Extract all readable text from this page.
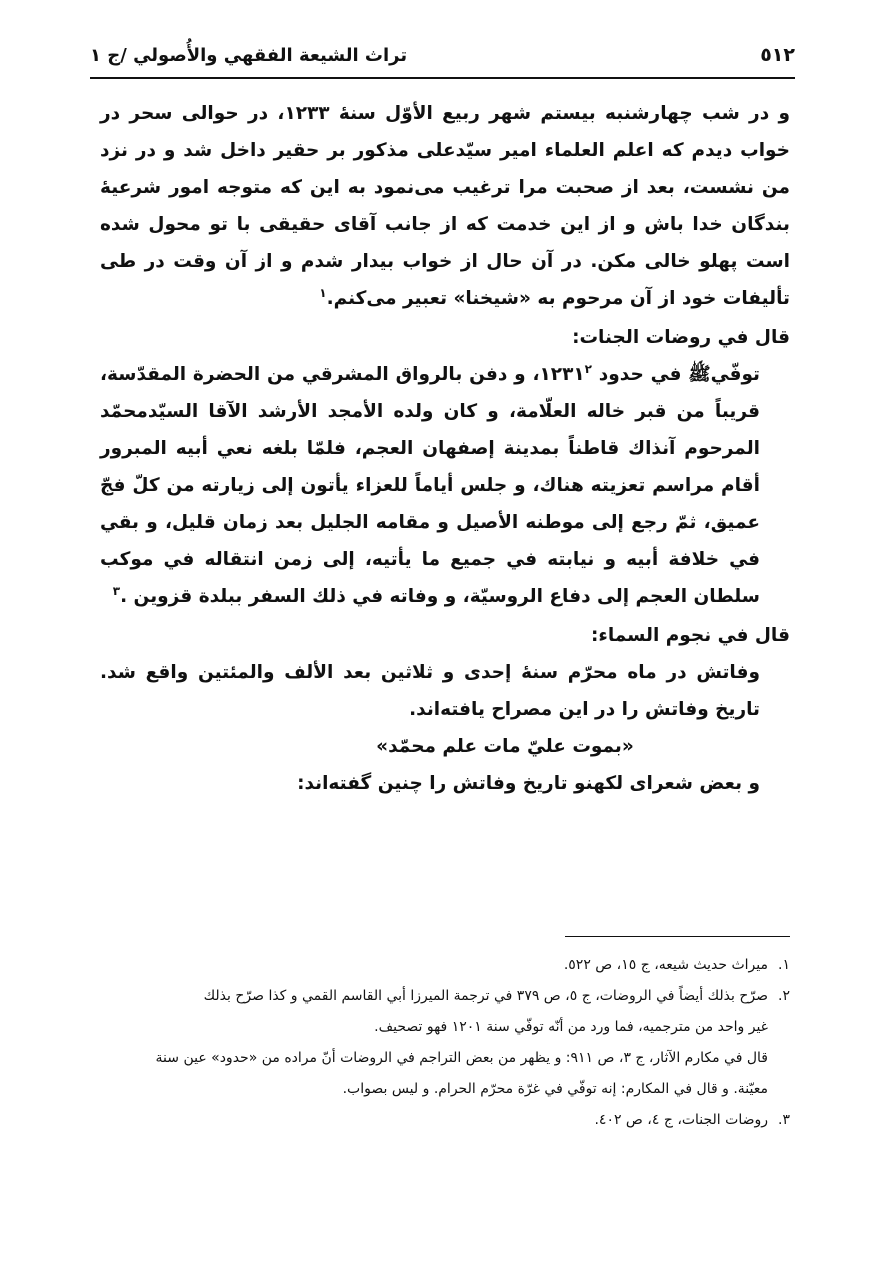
٥١٢
تراث الشيعة الفقهي والأُصولي /ج ١

و در شب چهارشنبه بیستم شهر ربیع الأوّل سنهٔ ۱۲۳۳، در حوالی سحر در خواب دیدم که اعلم العلماء امیر سیّدعلی مذکور بر حقیر داخل شد و در نزد من نشست، بعد از صحبت مرا ترغیب می‌نمود به این که متوجه امور شرعیهٔ بندگان خدا باش و از این خدمت که از جانب آقای حقیقی با تو محول شده است پهلو خالی مکن. در آن حال از خواب بیدار شدم و از آن وقت در طی تألیفات خود از آن مرحوم به «شیخنا» تعبیر می‌کنم.$^١$

قال في روضات الجنات:

توفّيﷺ في حدود ١٢٣١$^٢$، و دفن بالرواق المشرقي من الحضرة المقدّسة، قريباً من قبر خاله العلّامة، و كان ولده الأمجد الأرشد الآقا السيّدمحمّد المرحوم آنذاك قاطناً بمدينة إصفهان العجم، فلمّا بلغه نعي أبيه المبرور أقام مراسم تعزيته هناك، و جلس أياماً للعزاء يأتون إلى زيارته من كلّ فجّ عميق، ثمّ رجع إلى موطنه الأصيل و مقامه الجليل بعد زمان قليل، و بقي في خلافة أبيه و نيابته في جميع ما يأتيه، إلى زمن انتقاله في موكب سلطان العجم إلى دفاع الروسيّة، و وفاته في ذلك السفر ببلدة قزوين .$^٣$

قال في نجوم السماء:

وفاتش در ماه محرّم سنهٔ إحدی و ثلاثین بعد الألف والمئتین واقع شد. تاریخ وفاتش را در این مصراح یافته‌اند.

«بموت عليّ مات علم محمّد»

و بعض شعرای لکهنو تاریخ وفاتش را چنین گفته‌اند:

١.میراث حدیث شیعه، ج ١٥، ص ٥٢٢.

٢.صرّح بذلك أيضاً في الروضات، ج ٥، ص ٣٧٩ في ترجمة الميرزا أبي القاسم القمي و كذا صرّح بذلك

غير واحد من مترجميه، فما ورد من أنّه توفّي سنة ١٢٠١ فهو تصحيف.

قال في مكارم الآثار، ج ٣، ص ٩١١: و يظهر من بعض التراجم في الروضات أنّ مراده من «حدود» عين سنة

معيّنة. و قال في المكارم: إنه توفّي في غرّة محرّم الحرام. و ليس بصواب.

٣.روضات الجنات، ج ٤، ص ٤٠٢.
